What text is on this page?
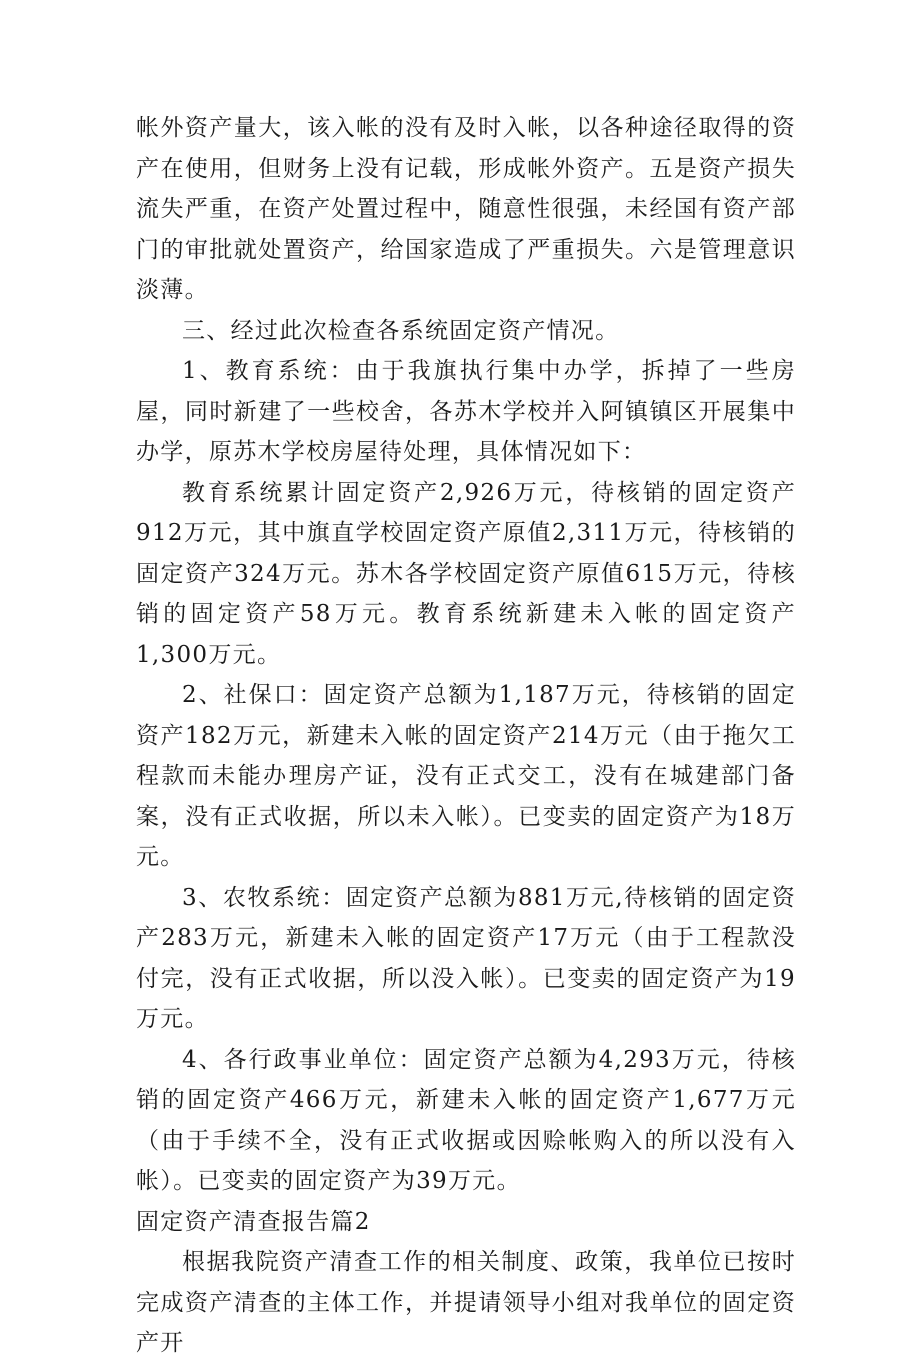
帐外资产量大，该入帐的没有及时入帐，以各种途径取得的资产在使用，但财务上没有记载，形成帐外资产。五是资产损失流失严重，在资产处置过程中，随意性很强，未经国有资产部门的审批就处置资产，给国家造成了严重损失。六是管理意识淡薄。

三、经过此次检查各系统固定资产情况。

1、教育系统：由于我旗执行集中办学，拆掉了一些房屋，同时新建了一些校舍，各苏木学校并入阿镇镇区开展集中办学，原苏木学校房屋待处理，具体情况如下：

教育系统累计固定资产2,926万元，待核销的固定资产912万元，其中旗直学校固定资产原值2,311万元，待核销的固定资产324万元。苏木各学校固定资产原值615万元，待核销的固定资产58万元。教育系统新建未入帐的固定资产1,300万元。

2、社保口：固定资产总额为1,187万元，待核销的固定资产182万元，新建未入帐的固定资产214万元（由于拖欠工程款而未能办理房产证，没有正式交工，没有在城建部门备案，没有正式收据，所以未入帐）。已变卖的固定资产为18万元。

3、农牧系统：固定资产总额为881万元,待核销的固定资产283万元，新建未入帐的固定资产17万元（由于工程款没付完，没有正式收据，所以没入帐）。已变卖的固定资产为19万元。

4、各行政事业单位：固定资产总额为4,293万元，待核销的固定资产466万元，新建未入帐的固定资产1,677万元（由于手续不全，没有正式收据或因赊帐购入的所以没有入帐）。已变卖的固定资产为39万元。

固定资产清查报告篇2

根据我院资产清查工作的相关制度、政策，我单位已按时完成资产清查的主体工作，并提请领导小组对我单位的固定资产开
